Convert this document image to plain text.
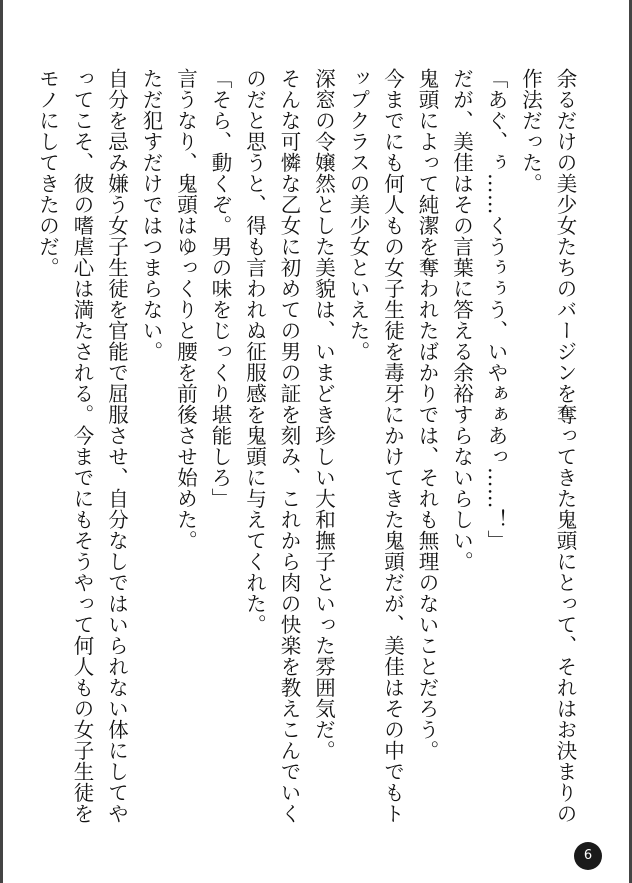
余るだけの美少女たちのバージンを奪ってきた鬼頭にとって、それはお決まりの作法だった。

「あぐ、ぅ……くうぅぅう、いやぁぁあっ……！」

だが、美佳はその言葉に答える余裕すらないらしい。

鬼頭によって純潔を奪われたばかりでは、それも無理のないことだろう。

今までにも何人もの女子生徒を毒牙にかけてきた鬼頭だが、美佳はその中でもトップクラスの美少女といえた。

深窓の令嬢然とした美貌は、いまどき珍しい大和撫子といった雰囲気だ。

そんな可憐な乙女に初めての男の証を刻み、これから肉の快楽を教えこんでいくのだと思うと、得も言われぬ征服感を鬼頭に与えてくれた。

「そら、動くぞ。男の味をじっくり堪能しろ」

言うなり、鬼頭はゆっくりと腰を前後させ始めた。

ただ犯すだけではつまらない。

自分を忌み嫌う女子生徒を官能で屈服させ、自分なしではいられない体にしてやってこそ、彼の嗜虐心は満たされる。今までにもそうやって何人もの女子生徒をモノにしてきたのだ。

6
